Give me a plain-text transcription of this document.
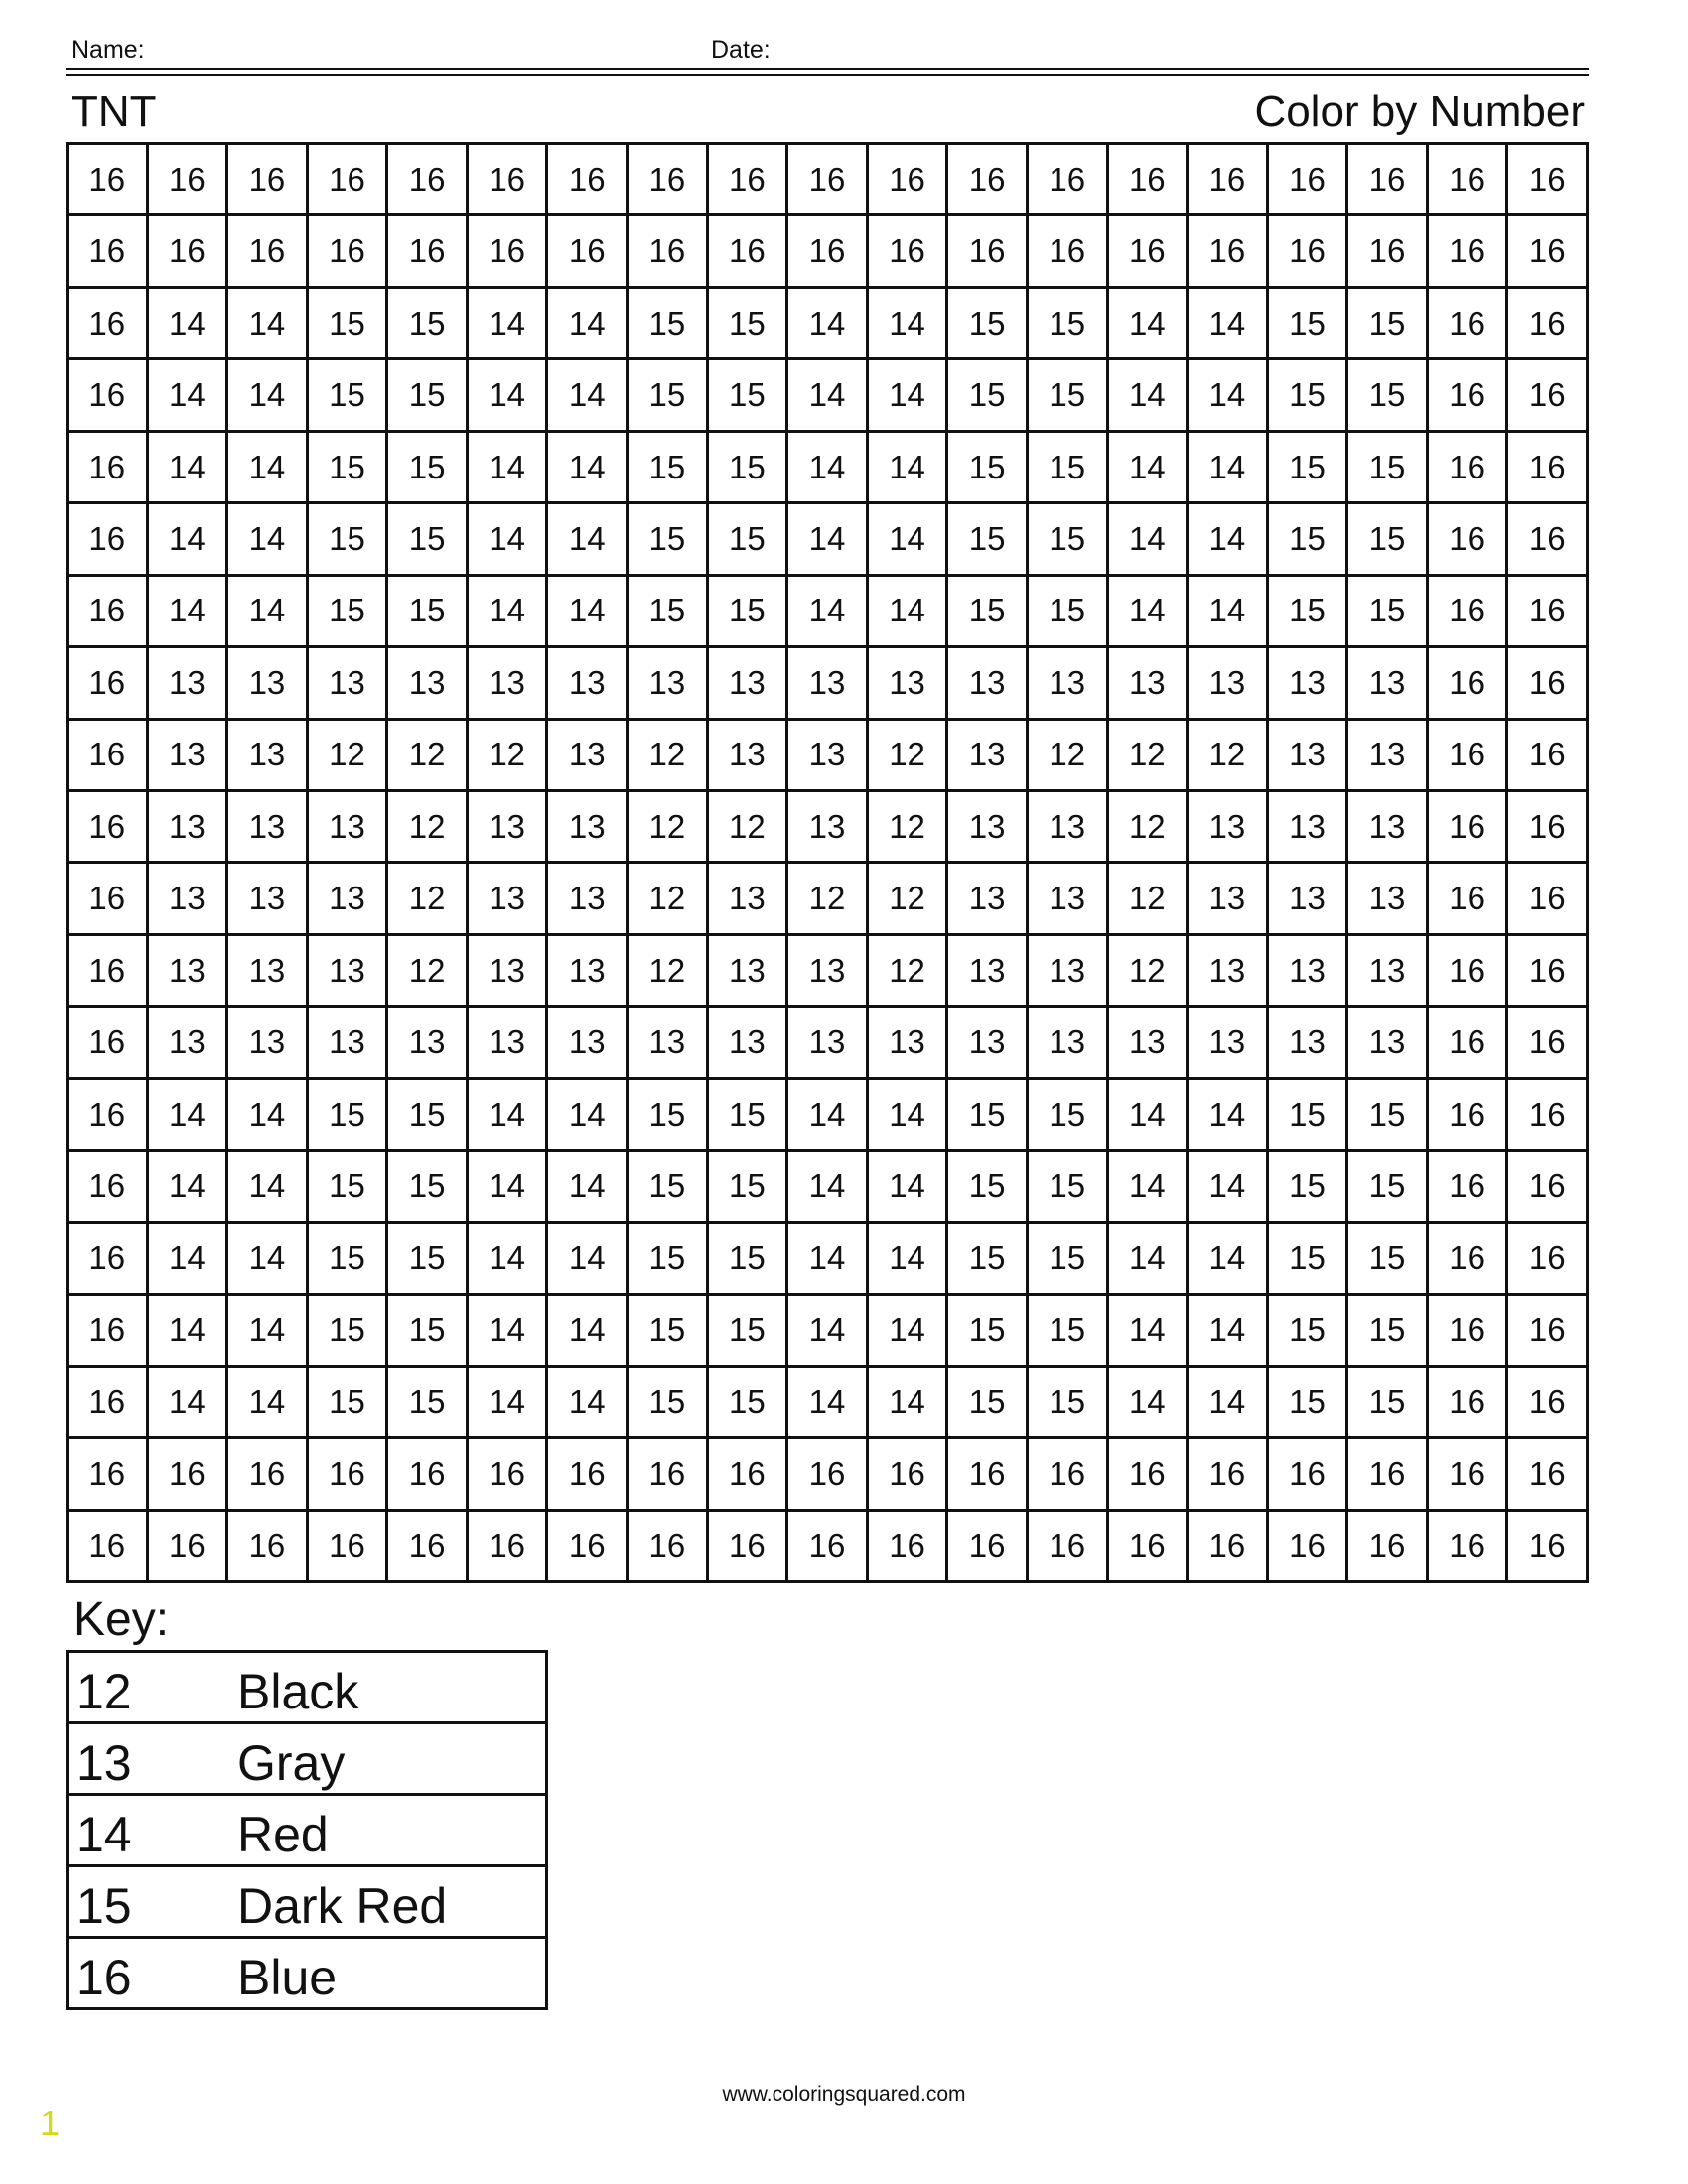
Name:	Date:
TNT	Color by Number
16	16	16	16	16	16	16	16	16	16	16	16	16	16	16	16	16	16	16
16	16	16	16	16	16	16	16	16	16	16	16	16	16	16	16	16	16	16
16	14	14	15	15	14	14	15	15	14	14	15	15	14	14	15	15	16	16
16	14	14	15	15	14	14	15	15	14	14	15	15	14	14	15	15	16	16
16	14	14	15	15	14	14	15	15	14	14	15	15	14	14	15	15	16	16
16	14	14	15	15	14	14	15	15	14	14	15	15	14	14	15	15	16	16
16	14	14	15	15	14	14	15	15	14	14	15	15	14	14	15	15	16	16
16	13	13	13	13	13	13	13	13	13	13	13	13	13	13	13	13	16	16
16	13	13	12	12	12	13	12	13	13	12	13	12	12	12	13	13	16	16
16	13	13	13	12	13	13	12	12	13	12	13	13	12	13	13	13	16	16
16	13	13	13	12	13	13	12	13	12	12	13	13	12	13	13	13	16	16
16	13	13	13	12	13	13	12	13	13	12	13	13	12	13	13	13	16	16
16	13	13	13	13	13	13	13	13	13	13	13	13	13	13	13	13	16	16
16	14	14	15	15	14	14	15	15	14	14	15	15	14	14	15	15	16	16
16	14	14	15	15	14	14	15	15	14	14	15	15	14	14	15	15	16	16
16	14	14	15	15	14	14	15	15	14	14	15	15	14	14	15	15	16	16
16	14	14	15	15	14	14	15	15	14	14	15	15	14	14	15	15	16	16
16	14	14	15	15	14	14	15	15	14	14	15	15	14	14	15	15	16	16
16	16	16	16	16	16	16	16	16	16	16	16	16	16	16	16	16	16	16
16	16	16	16	16	16	16	16	16	16	16	16	16	16	16	16	16	16	16
Key:
12 Black
13 Gray
14 Red
15 Dark Red
16 Blue
www.coloringsquared.com
1
